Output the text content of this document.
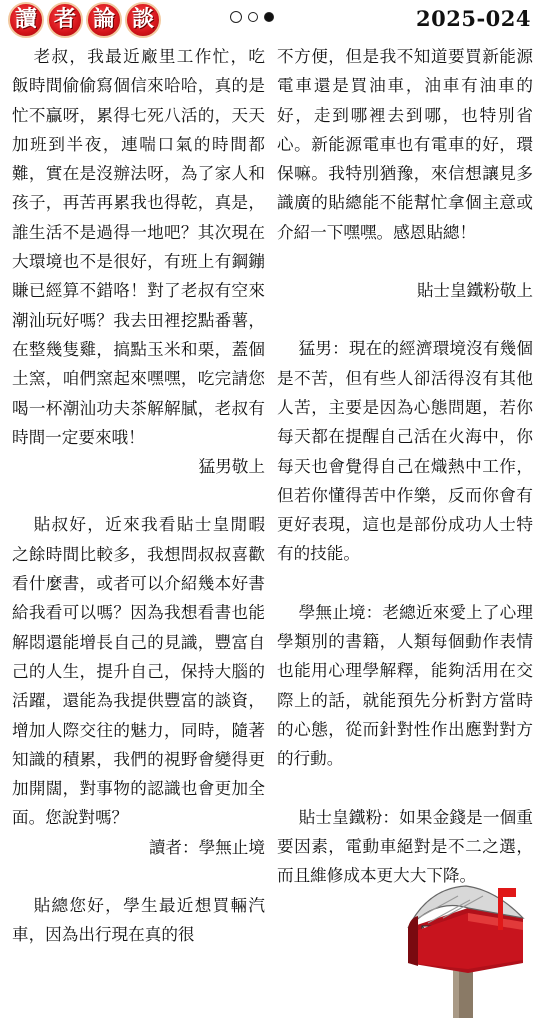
讀 者 論 談	2025-024

老叔，我最近廠里工作忙，吃飯時間偷偷寫個信來哈哈，真的是忙不贏呀，累得七死八活的，天天加班到半夜，連喘口氣的時間都難，實在是沒辦法呀，為了家人和孩子，再苦再累我也得乾，真是，誰生活不是過得一地吧？其次現在大環境也不是很好，有班上有鋼鏰賺已經算不錯咯！對了老叔有空來潮汕玩好嗎？我去田裡挖點番薯，在整幾隻雞，搞點玉米和栗，蓋個土窯，咱們窯起來嘿嘿，吃完請您喝一杯潮汕功夫茶解解膩，老叔有時間一定要來哦！

猛男敬上

貼叔好，近來我看貼士皇閒暇之餘時間比較多，我想問叔叔喜歡看什麼書，或者可以介紹幾本好書給我看可以嗎？因為我想看書也能解悶還能增長自己的見識，豐富自己的人生，提升自己，保持大腦的活躍，還能為我提供豐富的談資，增加人際交往的魅力，同時，隨著知識的積累，我們的視野會變得更加開闊，對事物的認識也會更加全面。您說對嗎？

讀者：學無止境

貼總您好，學生最近想買輛汽車，因為出行現在真的很

不方便，但是我不知道要買新能源電車還是買油車，油車有油車的好，走到哪裡去到哪，也特別省心。新能源電車也有電車的好，環保嘛。我特別猶豫，來信想讓見多識廣的貼總能不能幫忙拿個主意或介紹一下嘿嘿。感恩貼總！

貼士皇鐵粉敬上

猛男：現在的經濟環境沒有幾個是不苦，但有些人卻活得沒有其他人苦，主要是因為心態問題，若你每天都在提醒自己活在火海中，你每天也會覺得自己在熾熱中工作，但若你懂得苦中作樂，反而你會有更好表現，這也是部份成功人士特有的技能。

學無止境：老總近來愛上了心理學類別的書籍，人類每個動作表情也能用心理學解釋，能夠活用在交際上的話，就能預先分析對方當時的心態，從而針對性作出應對對方的行動。

貼士皇鐵粉：如果金錢是一個重要因素，電動車絕對是不二之選，而且維修成本更大大下降。
